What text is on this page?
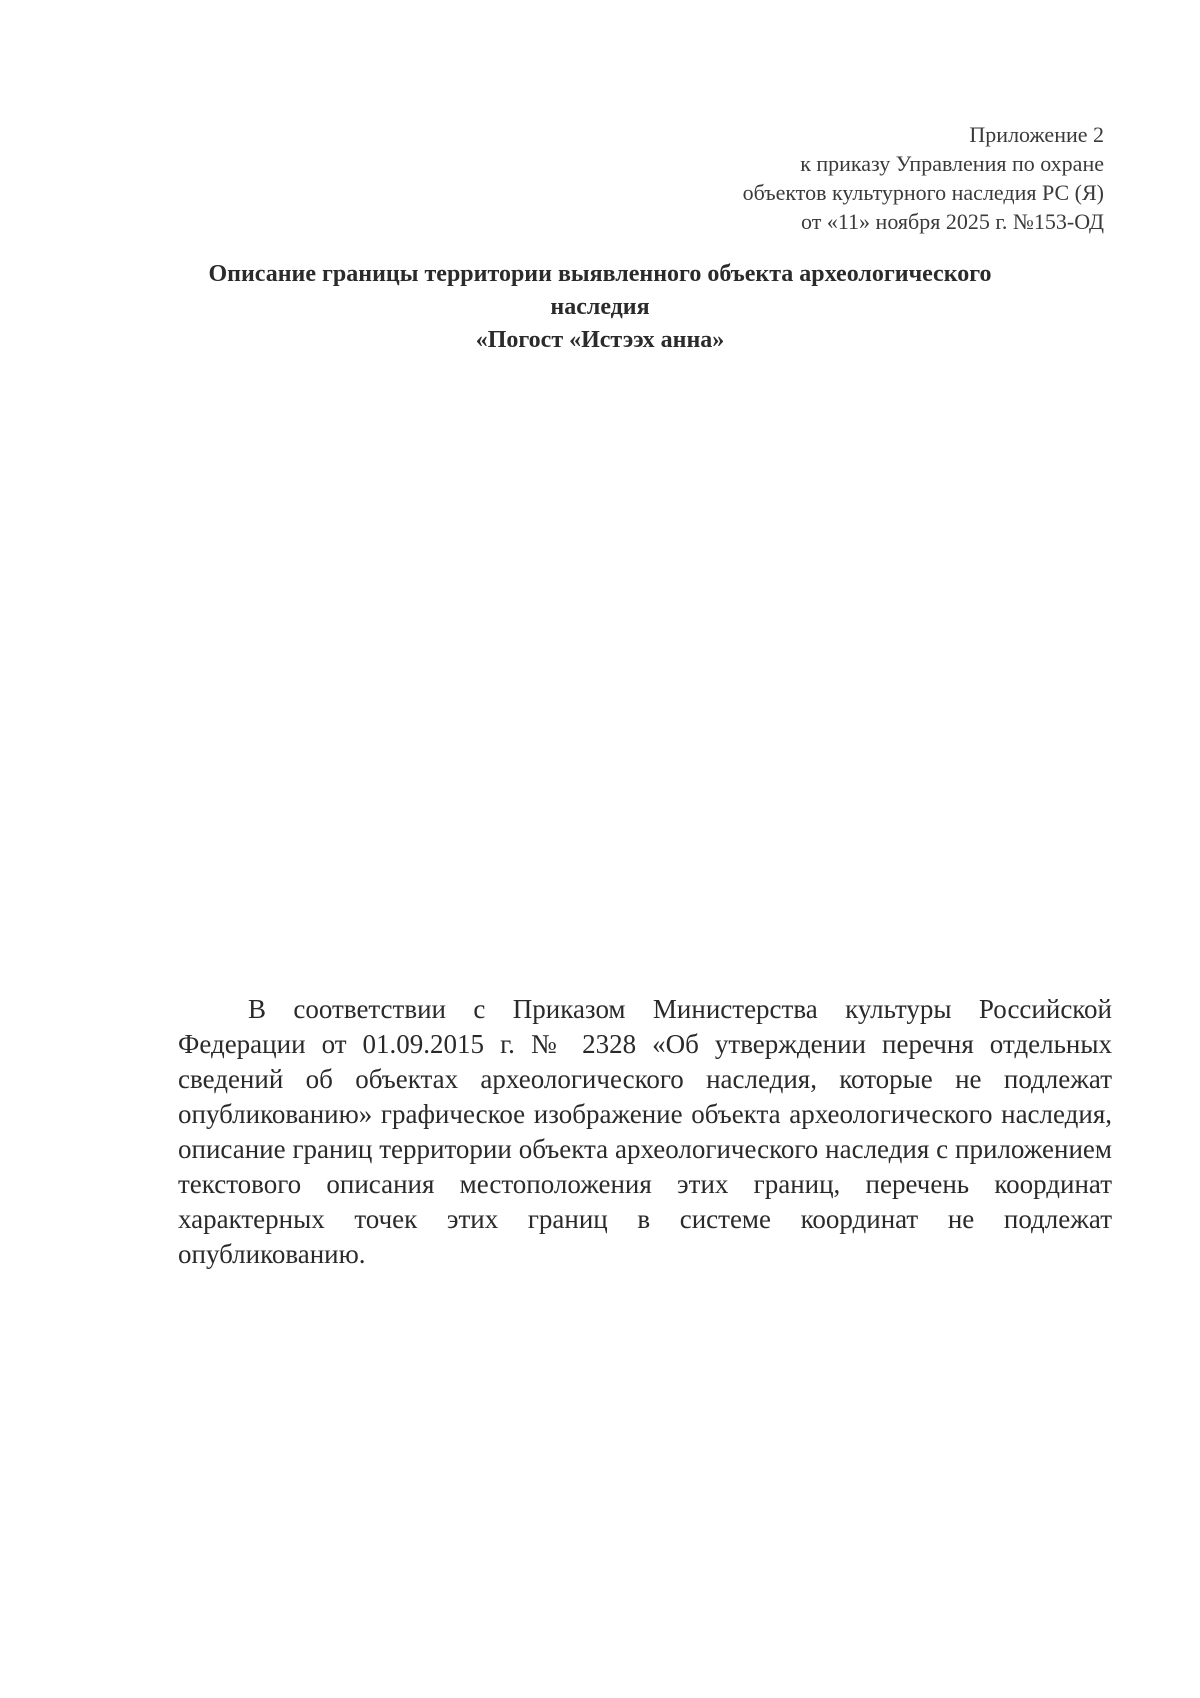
Приложение 2
к приказу Управления по охране
объектов культурного наследия РС (Я)
от «11» ноября 2025 г. №153-ОД
Описание границы территории выявленного объекта археологического
наследия
«Погост «Истээх анна»

В соответствии с Приказом Министерства культуры Российской Федерации от 01.09.2015 г. № 2328 «Об утверждении перечня отдельных сведений об объектах археологического наследия, которые не подлежат опубликованию» графическое изображение объекта археологического наследия, описание границ территории объекта археологического наследия с приложением текстового описания местоположения этих границ, перечень координат характерных точек этих границ в системе координат не подлежат опубликованию.
